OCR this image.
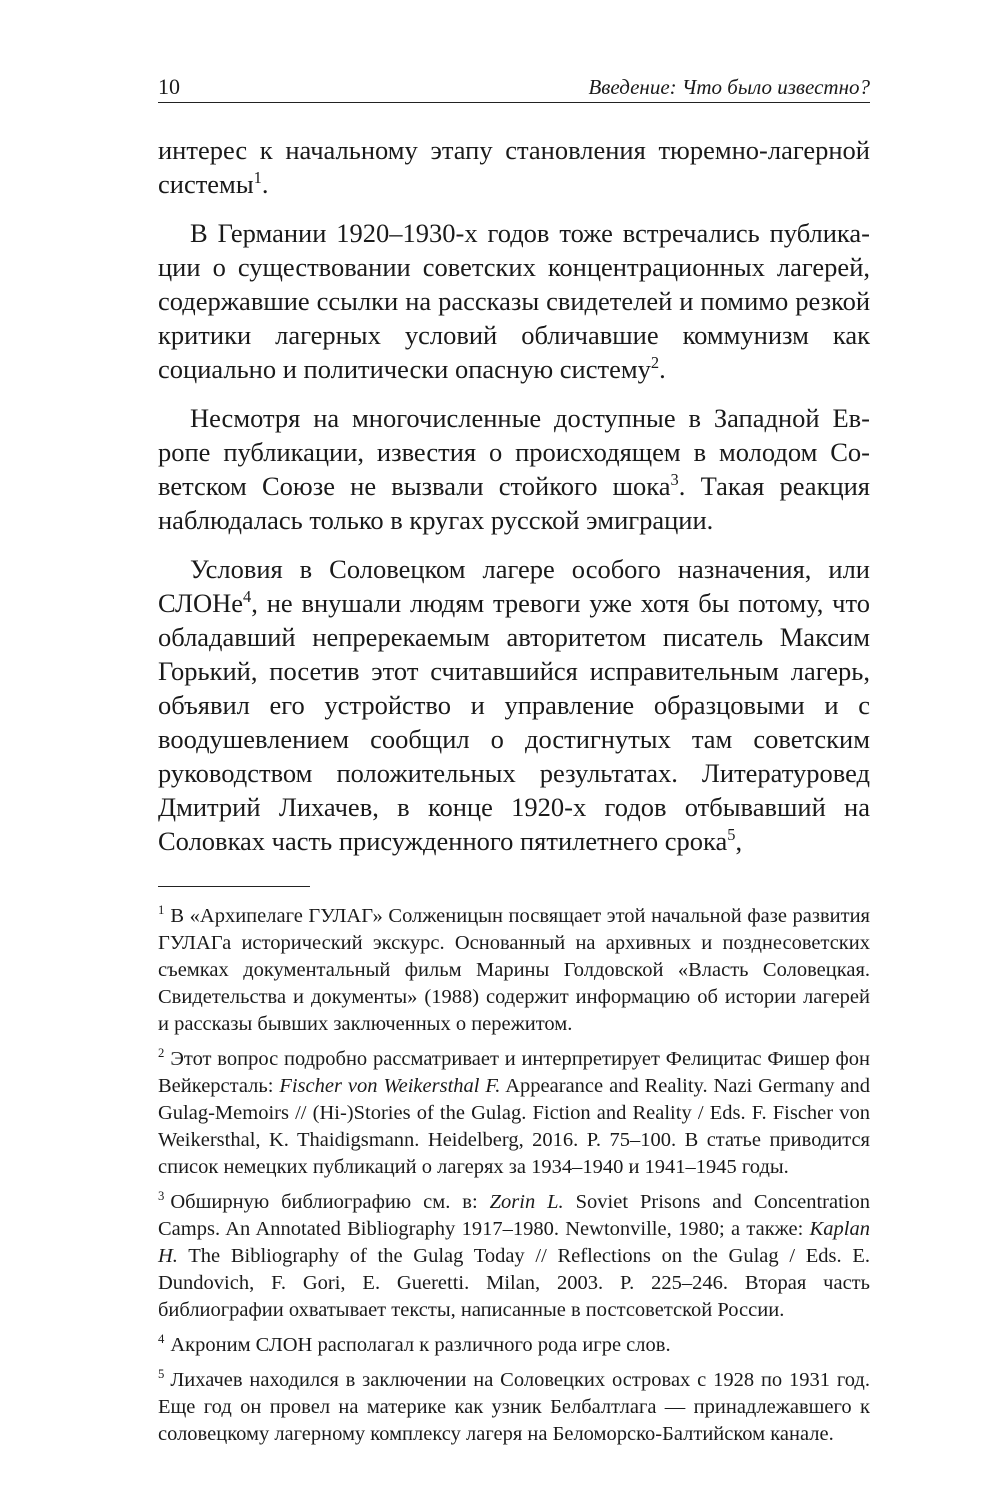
10	Введение: Что было известно?

интерес к начальному этапу становления тюремно-лагерной системы$^1$.

В Германии 1920–1930-х годов тоже встречались публикации о существовании советских концентрационных лагерей, содержавшие ссылки на рассказы свидетелей и помимо резкой критики лагерных условий обличавшие коммунизм как социально и политически опасную систему$^2$.

Несмотря на многочисленные доступные в Западной Европе публикации, известия о происходящем в молодом Советском Союзе не вызвали стойкого шока$^3$. Такая реакция наблюдалась только в кругах русской эмиграции.

Условия в Соловецком лагере особого назначения, или СЛОНе$^4$, не внушали людям тревоги уже хотя бы потому, что обладавший непререкаемым авторитетом писатель Максим Горький, посетив этот считавшийся исправительным лагерь, объявил его устройство и управление образцовыми и с воодушевлением сообщил о достигнутых там советским руководством положительных результатах. Литературовед Дмитрий Лихачев, в конце 1920-х годов отбывавший на Соловках часть присужденного пятилетнего срока$^5$,

$^1$ В «Архипелаге ГУЛАГ» Солженицын посвящает этой начальной фазе развития ГУЛАГа исторический экскурс. Основанный на архивных и позднесоветских съемках документальный фильм Марины Голдовской «Власть Соловецкая. Свидетельства и документы» (1988) содержит информацию об истории лагерей и рассказы бывших заключенных о пережитом.

$^2$ Этот вопрос подробно рассматривает и интерпретирует Фелицитас Фишер фон Вейкерсталь: Fischer von Weikersthal F. Appearance and Reality. Nazi Germany and Gulag-Memoirs // (Hi-)Stories of the Gulag. Fiction and Reality / Eds. F. Fischer von Weikersthal, K. Thaidigsmann. Heidelberg, 2016. P. 75–100. В статье приводится список немецких публикаций о лагерях за 1934–1940 и 1941–1945 годы.

$^3$ Обширную библиографию см. в: Zorin L. Soviet Prisons and Concentration Camps. An Annotated Bibliography 1917–1980. Newtonville, 1980; а также: Kaplan H. The Bibliography of the Gulag Today // Reflections on the Gulag / Eds. E. Dundovich, F. Gori, E. Gueretti. Milan, 2003. P. 225–246. Вторая часть библиографии охватывает тексты, написанные в постсоветской России.

$^4$ Акроним СЛОН располагал к различного рода игре слов.

$^5$ Лихачев находился в заключении на Соловецких островах с 1928 по 1931 год. Еще год он провел на материке как узник Белбалтлага — принадлежавшего к соловецкому лагерному комплексу лагеря на Беломорско-Балтийском канале.
